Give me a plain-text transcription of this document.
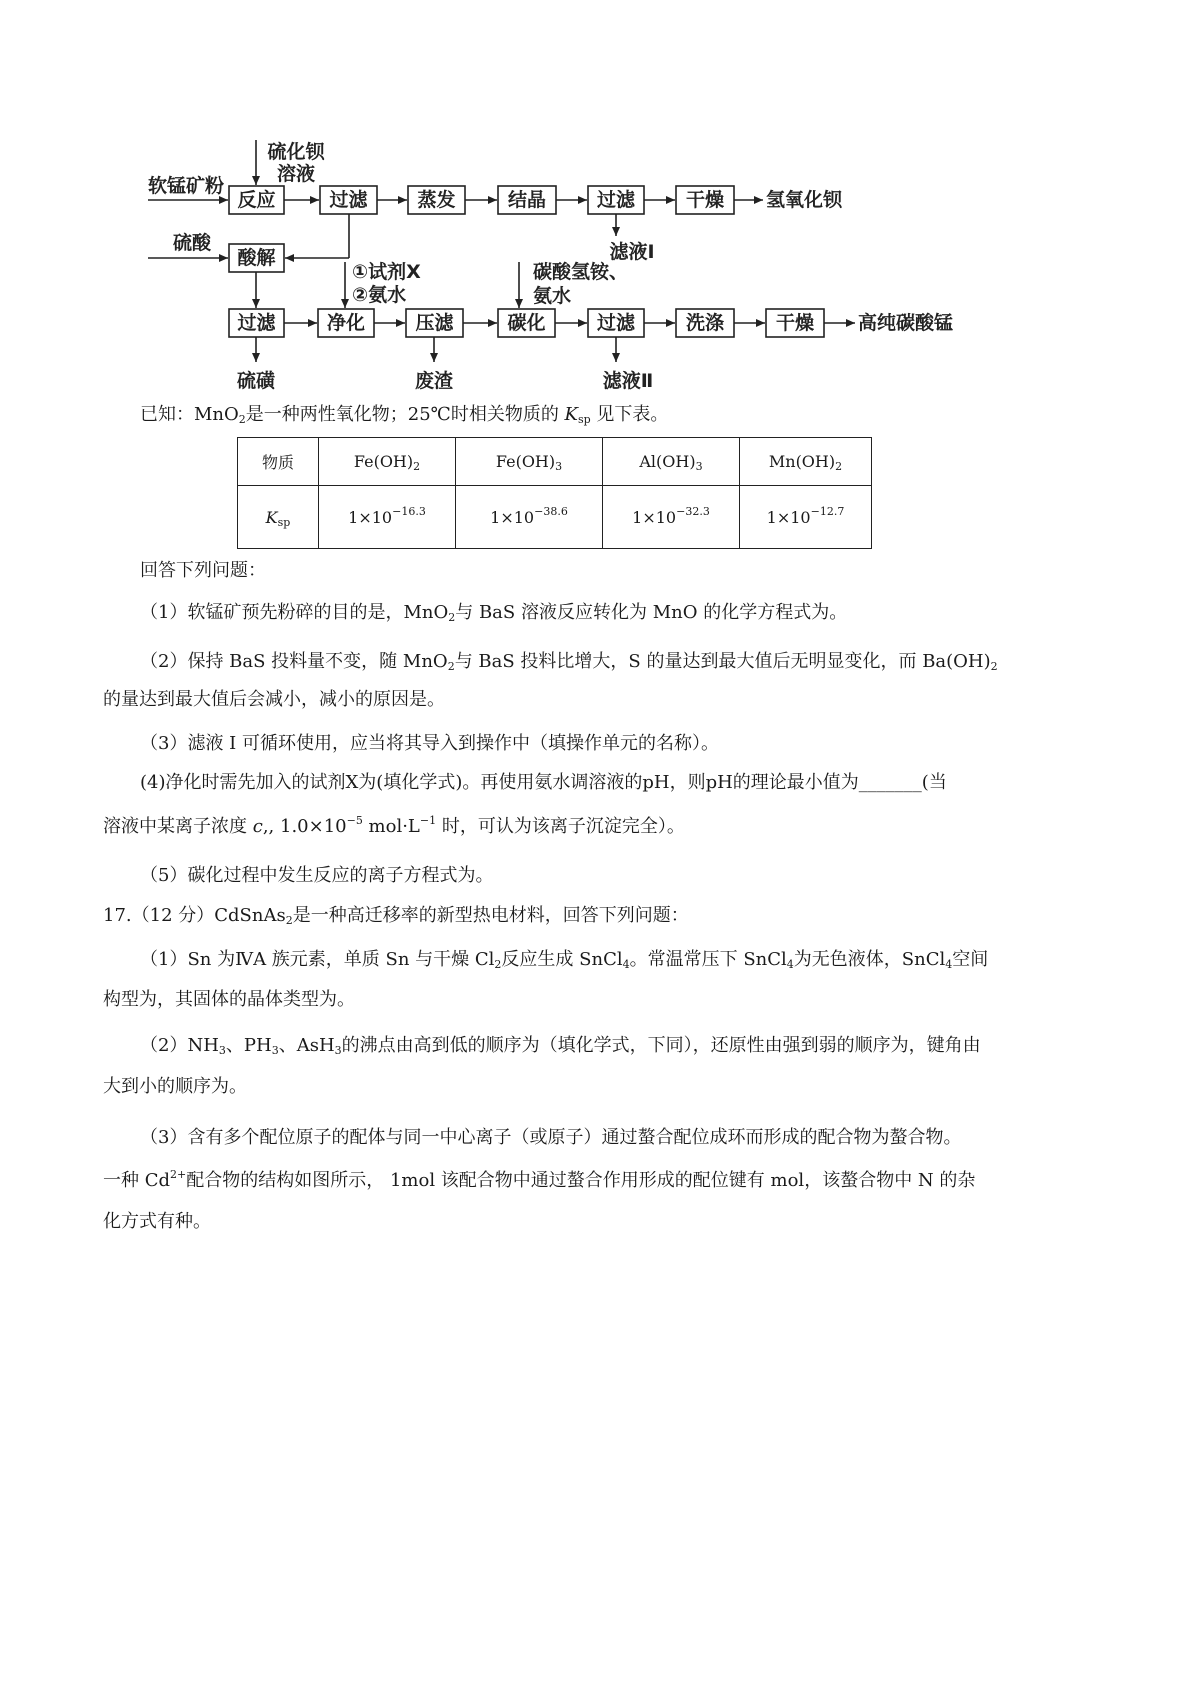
软锰矿粉
硫化钡
溶液
反应	过滤	蒸发	结晶	过滤	干燥 氢氧化钡
滤液Ⅰ
硫酸
酸解
①试剂X
②氨水
碳酸氢铵、
氨水
过滤	净化	压滤	碳化	过滤	洗涤	干燥 高纯碳酸锰
硫磺	废渣	滤液Ⅱ
已知：MnO$_2$是一种两性氧化物；25℃时相关物质的 $K_{sp}$ 见下表。
物质	$Fe(OH)_2$	$Fe(OH)_3$	$Al(OH)_3$	$Mn(OH)_2$
$K_{sp}$	$1\times 10^{-16.3}$	$1\times 10^{-38.6}$	$1\times 10^{-32.3}$	$1\times 10^{-12.7}$
回答下列问题：
（1）软锰矿预先粉碎的目的是，MnO$_2$与 BaS 溶液反应转化为 MnO 的化学方程式为。
（2）保持 BaS 投料量不变，随 MnO$_2$与 BaS 投料比增大，S 的量达到最大值后无明显变化，而 $Ba(OH)_2$
的量达到最大值后会减小，减小的原因是。
（3）滤液 I 可循环使用，应当将其导入到操作中（填操作单元的名称）。
(4)净化时需先加入的试剂X为(填化学式)。再使用氨水调溶液的pH，则pH的理论最小值为_______(当
溶液中某离子浓度 c,, $1.0\times 10^{-5}$ $mol\cdot L^{-1}$ 时，可认为该离子沉淀完全）。
（5）碳化过程中发生反应的离子方程式为。
17.（12 分）CdSnAs$_2$是一种高迁移率的新型热电材料，回答下列问题：
（1）Sn 为ⅣA 族元素，单质 Sn 与干燥 $Cl_2$反应生成 SnCl$_4$。常温常压下 SnCl$_4$为无色液体，SnCl$_4$空间
构型为，其固体的晶体类型为。
$(2)NH_3$、$PH_3$、AsH$_3$的沸点由高到低的顺序为（填化学式，下同），还原性由强到弱的顺序为，键角由
大到小的顺序为。
（3）含有多个配位原子的配体与同一中心离子（或原子）通过螯合配位成环而形成的配合物为螯合物。
一种 $Cd^{2+}$配合物的结构如图所示， 1mol 该配合物中通过螯合作用形成的配位键有 mol，该螯合物中 N 的杂
化方式有种。
